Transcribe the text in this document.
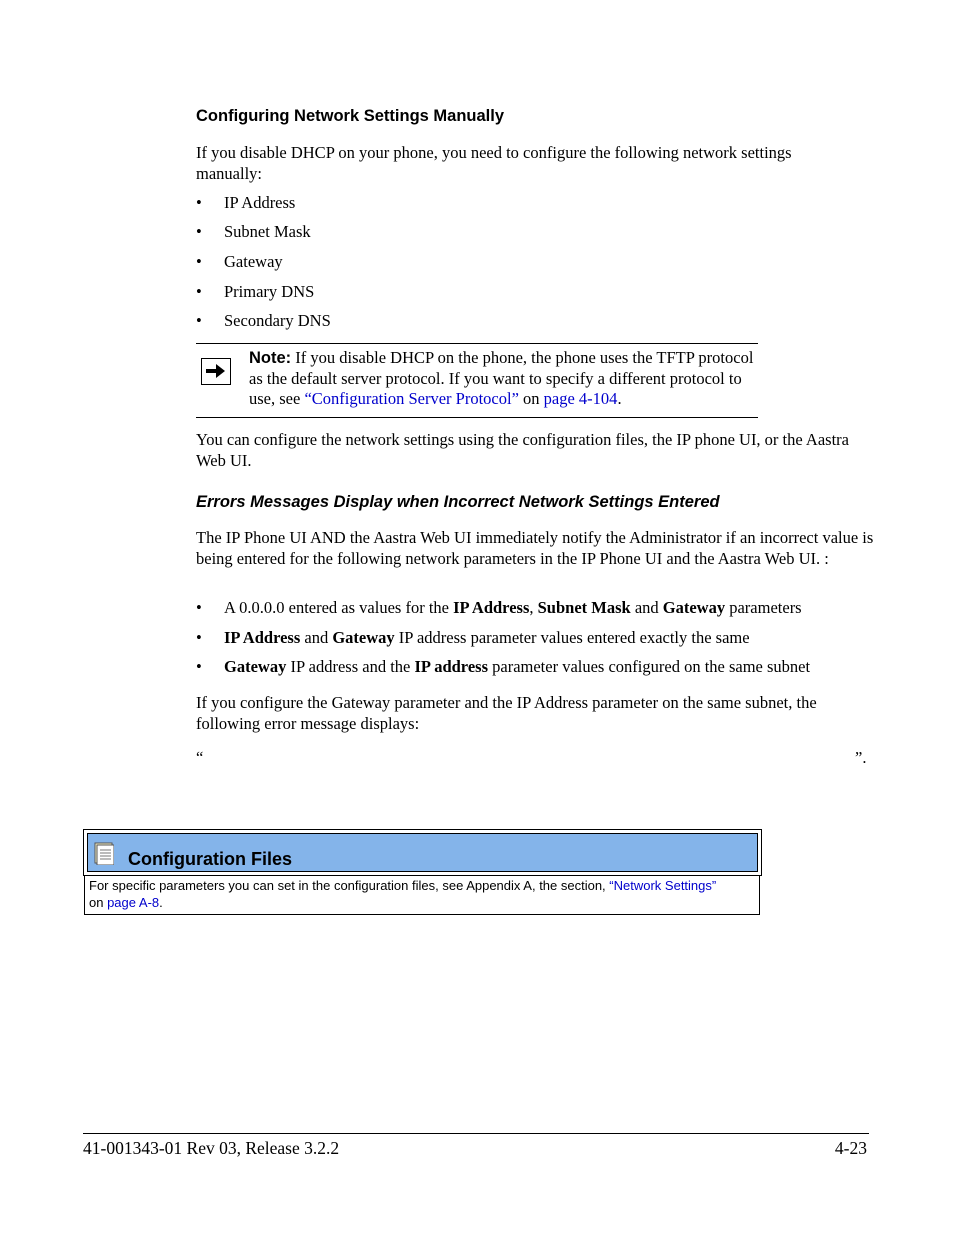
Configuring Network Settings Manually
If you disable DHCP on your phone, you need to configure the following network settings manually:
• IP Address
• Subnet Mask
• Gateway
• Primary DNS
• Secondary DNS
Note: If you disable DHCP on the phone, the phone uses the TFTP protocol as the default server protocol. If you want to specify a different protocol to use, see “Configuration Server Protocol” on page 4-104.
You can configure the network settings using the configuration files, the IP phone UI, or the Aastra Web UI.
Errors Messages Display when Incorrect Network Settings Entered
The IP Phone UI AND the Aastra Web UI immediately notify the Administrator if an incorrect value is being entered for the following network parameters in the IP Phone UI and the Aastra Web UI. :
• A 0.0.0.0 entered as values for the IP Address, Subnet Mask and Gateway parameters
• IP Address and Gateway IP address parameter values entered exactly the same
• Gateway IP address and the IP address parameter values configured on the same subnet
If you configure the Gateway parameter and the IP Address parameter on the same subnet, the following error message displays:
“	”.
Configuration Files
For specific parameters you can set in the configuration files, see Appendix A, the section, “Network Settings” on page A-8.
41-001343-01 Rev 03, Release 3.2.2	4-23
